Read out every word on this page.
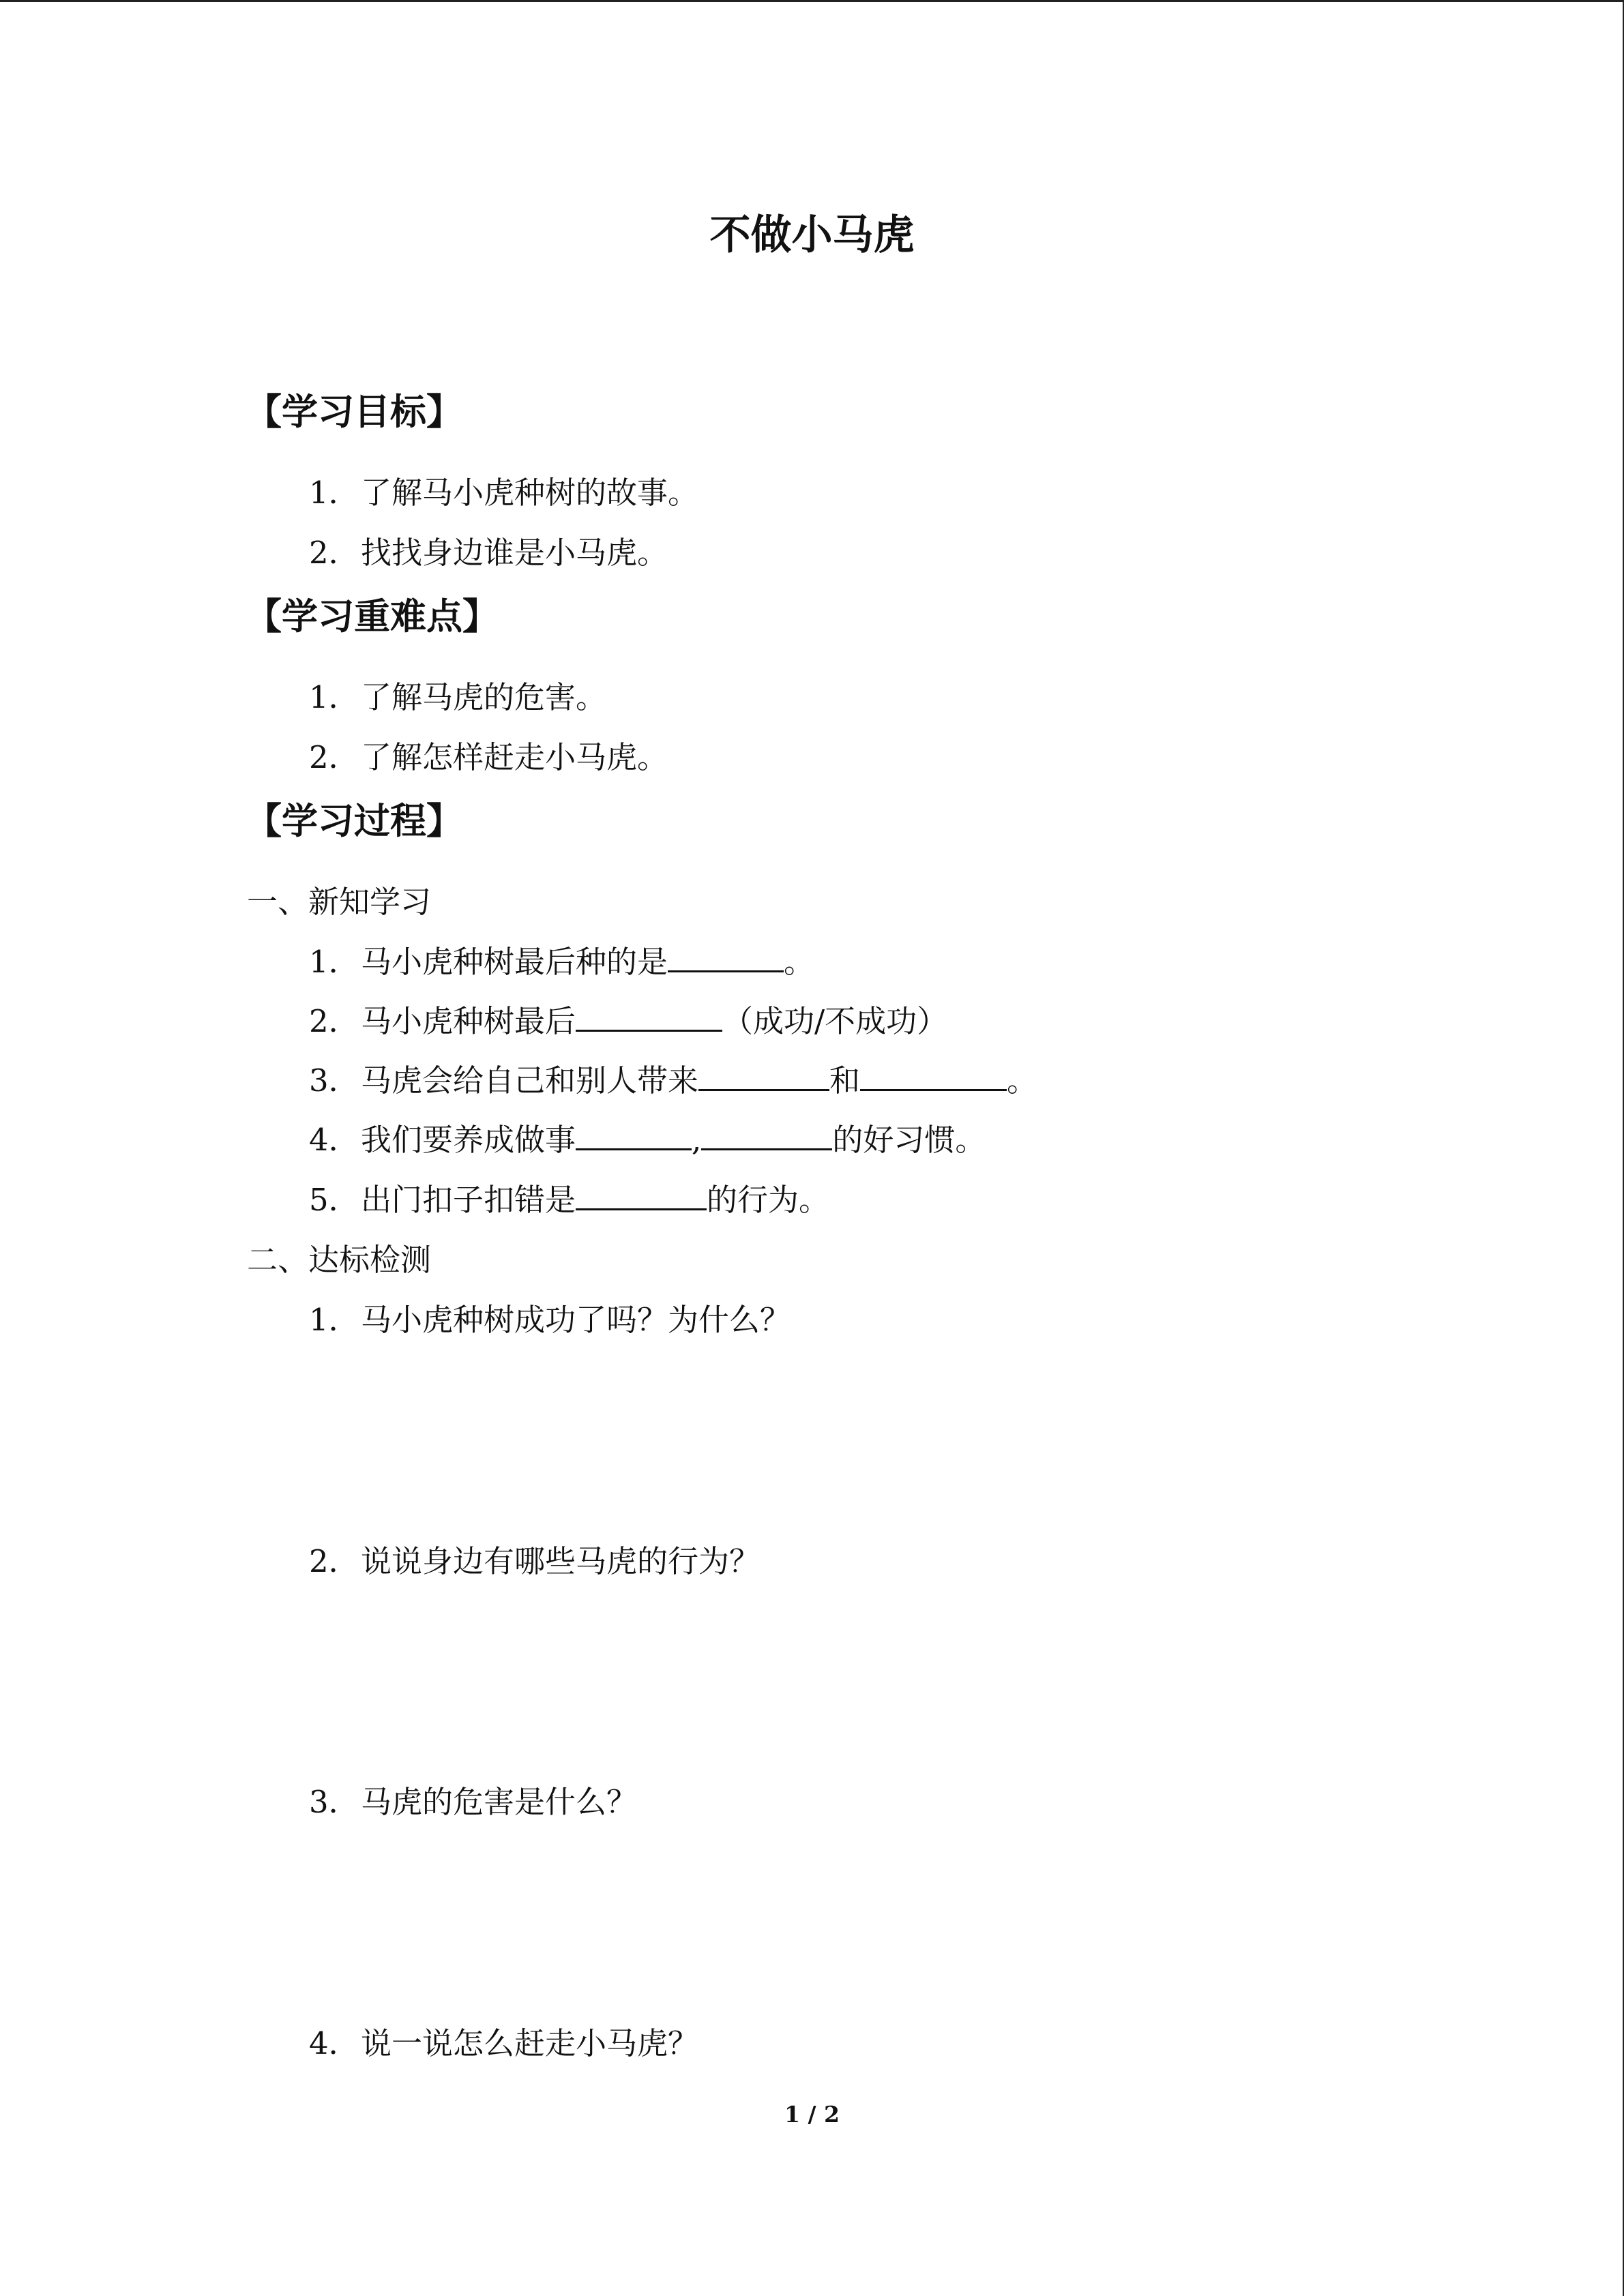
不做小马虎
【学习目标】
1．了解马小虎种树的故事。
2．找找身边谁是小马虎。
【学习重难点】
1．了解马虎的危害。
2．了解怎样赶走小马虎。
【学习过程】
一、新知学习
1．马小虎种树最后种的是	。
2．马小虎种树最后	（成功/不成功）
3．马虎会给自己和别人带来	和	。
4．我们要养成做事	,	的好习惯。
5．出门扣子扣错是	的行为。
二、达标检测
1．马小虎种树成功了吗？为什么？
2．说说身边有哪些马虎的行为？
3．马虎的危害是什么？
4．说一说怎么赶走小马虎？
1 / 2
